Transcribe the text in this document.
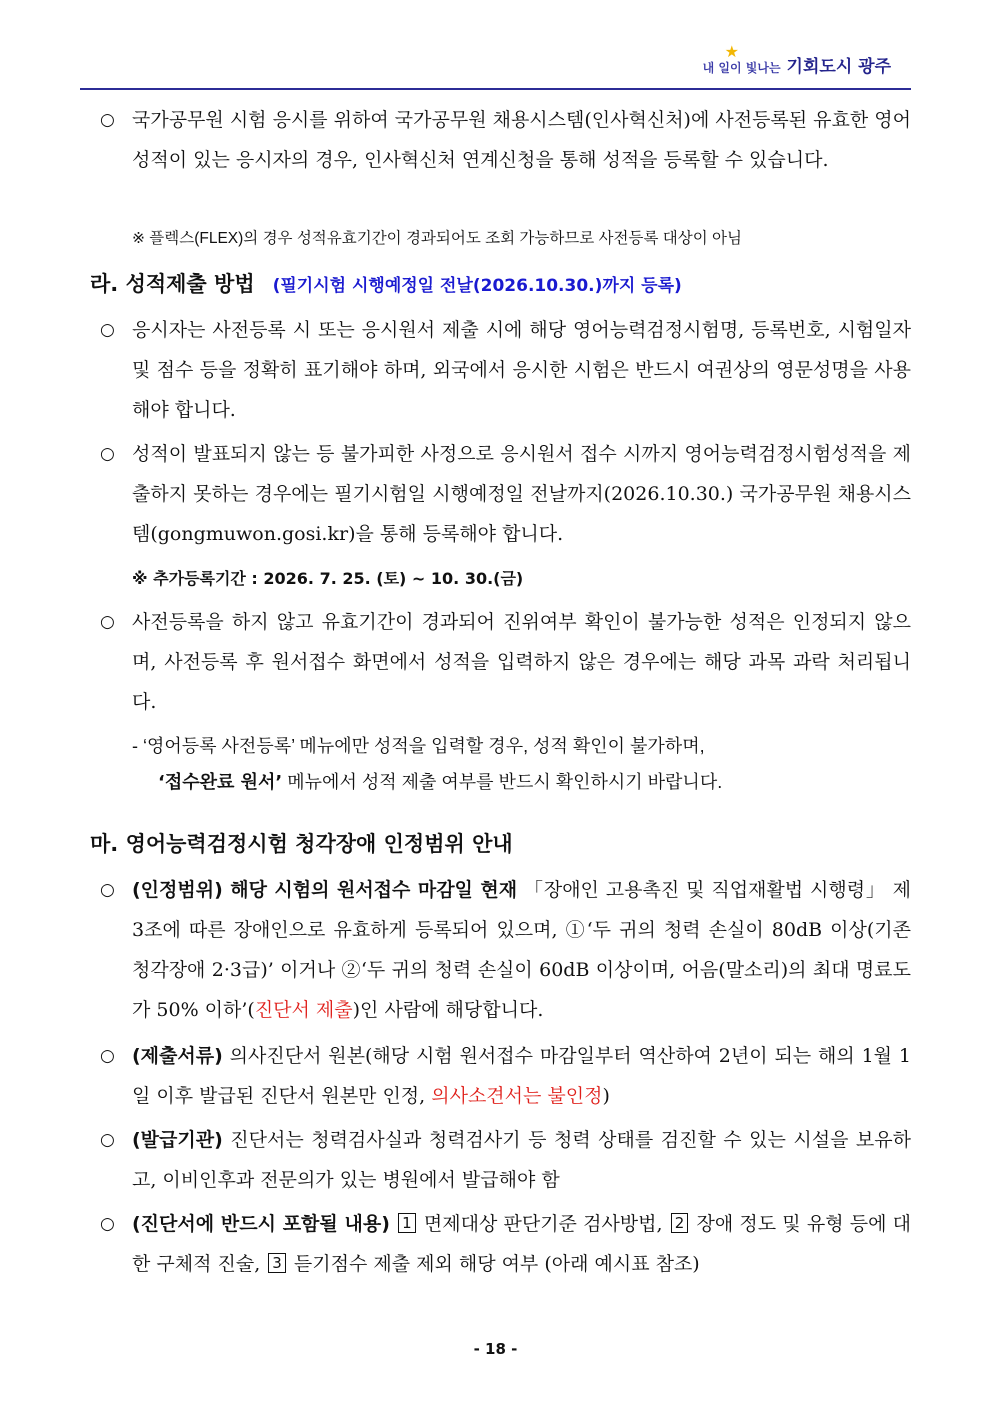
★
내 일이 빛나는 기회도시 광주
○ 국가공무원 시험 응시를 위하여 국가공무원 채용시스템(인사혁신처)에 사전등록된 유효한 영어성적이 있는 응시자의 경우, 인사혁신처 연계신청을 통해 성적을 등록할 수 있습니다.
※ 플렉스(FLEX)의 경우 성적유효기간이 경과되어도 조회 가능하므로 사전등록 대상이 아님
라. 성적제출 방법 (필기시험 시행예정일 전날(2026.10.30.)까지 등록)
○ 응시자는 사전등록 시 또는 응시원서 제출 시에 해당 영어능력검정시험명, 등록번호, 시험일자 및 점수 등을 정확히 표기해야 하며, 외국에서 응시한 시험은 반드시 여권상의 영문성명을 사용해야 합니다.
○ 성적이 발표되지 않는 등 불가피한 사정으로 응시원서 접수 시까지 영어능력검정시험성적을 제출하지 못하는 경우에는 필기시험일 시행예정일 전날까지(2026.10.30.) 국가공무원 채용시스템(gongmuwon.gosi.kr)을 통해 등록해야 합니다.
※ 추가등록기간 : 2026. 7. 25. (토) ~ 10. 30.(금)
○ 사전등록을 하지 않고 유효기간이 경과되어 진위여부 확인이 불가능한 성적은 인정되지 않으며, 사전등록 후 원서접수 화면에서 성적을 입력하지 않은 경우에는 해당 과목 과락 처리됩니다.
- ‘영어등록 사전등록’ 메뉴에만 성적을 입력할 경우, 성적 확인이 불가하며,
‘접수완료 원서’ 메뉴에서 성적 제출 여부를 반드시 확인하시기 바랍니다.
마. 영어능력검정시험 청각장애 인정범위 안내
○ (인정범위) 해당 시험의 원서접수 마감일 현재 「장애인 고용촉진 및 직업재활법 시행령」 제3조에 따른 장애인으로 유효하게 등록되어 있으며, ①‘두 귀의 청력 손실이 80dB 이상(기존 청각장애 2·3급)’ 이거나 ②‘두 귀의 청력 손실이 60dB 이상이며, 어음(말소리)의 최대 명료도가 50% 이하’(진단서 제출)인 사람에 해당합니다.
○ (제출서류) 의사진단서 원본(해당 시험 원서접수 마감일부터 역산하여 2년이 되는 해의 1월 1일 이후 발급된 진단서 원본만 인정, 의사소견서는 불인정)
○ (발급기관) 진단서는 청력검사실과 청력검사기 등 청력 상태를 검진할 수 있는 시설을 보유하고, 이비인후과 전문의가 있는 병원에서 발급해야 함
○ (진단서에 반드시 포함될 내용) 1 면제대상 판단기준 검사방법, 2 장애 정도 및 유형 등에 대한 구체적 진술, 3 듣기점수 제출 제외 해당 여부 (아래 예시표 참조)
- 18 -
